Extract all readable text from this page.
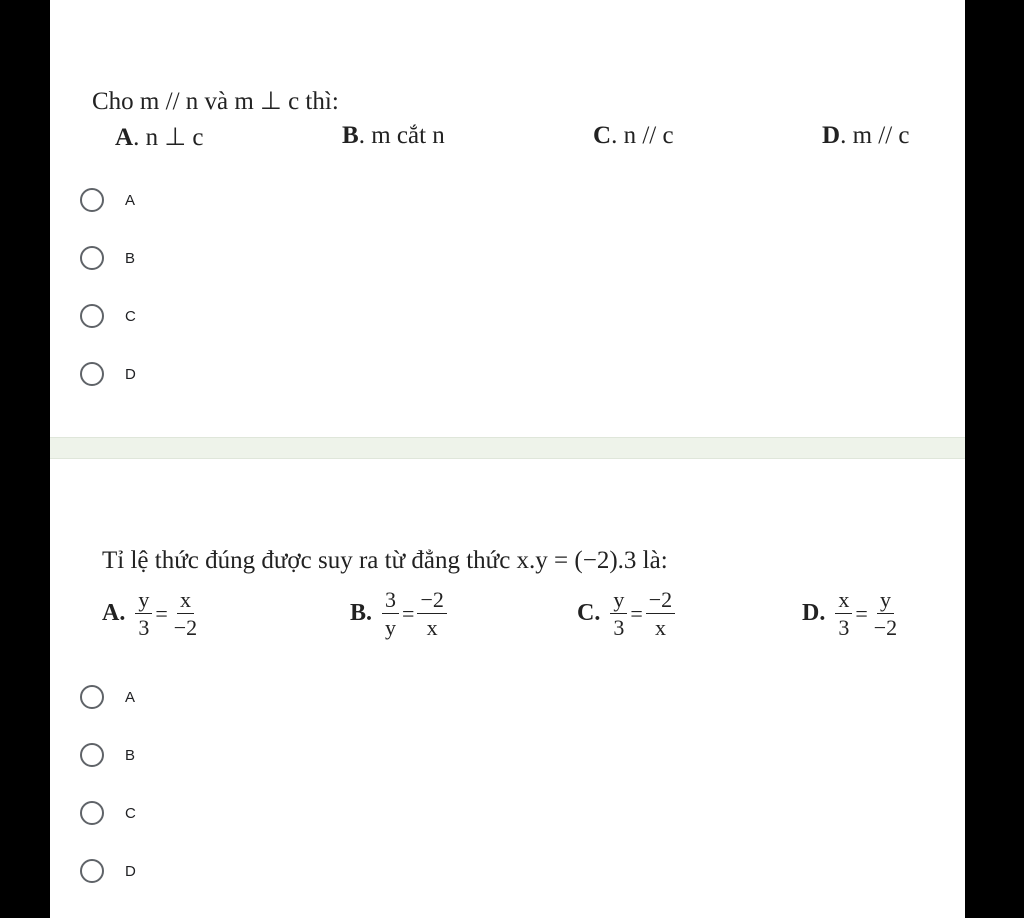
Cho m // n và m ⊥ c thì:
A. n ⊥ c	B. m cắt n	C. n // c	D. m // c
A
B
C
D
Tỉ lệ thức đúng được suy ra từ đẳng thức x.y = (−2).3 là:
A. $\frac{y}{3} = \frac{x}{-2}$	B. $\frac{3}{y} = \frac{-2}{x}$	C. $\frac{y}{3} = \frac{-2}{x}$	D. $\frac{x}{3} = \frac{y}{-2}$
A
B
C
D
